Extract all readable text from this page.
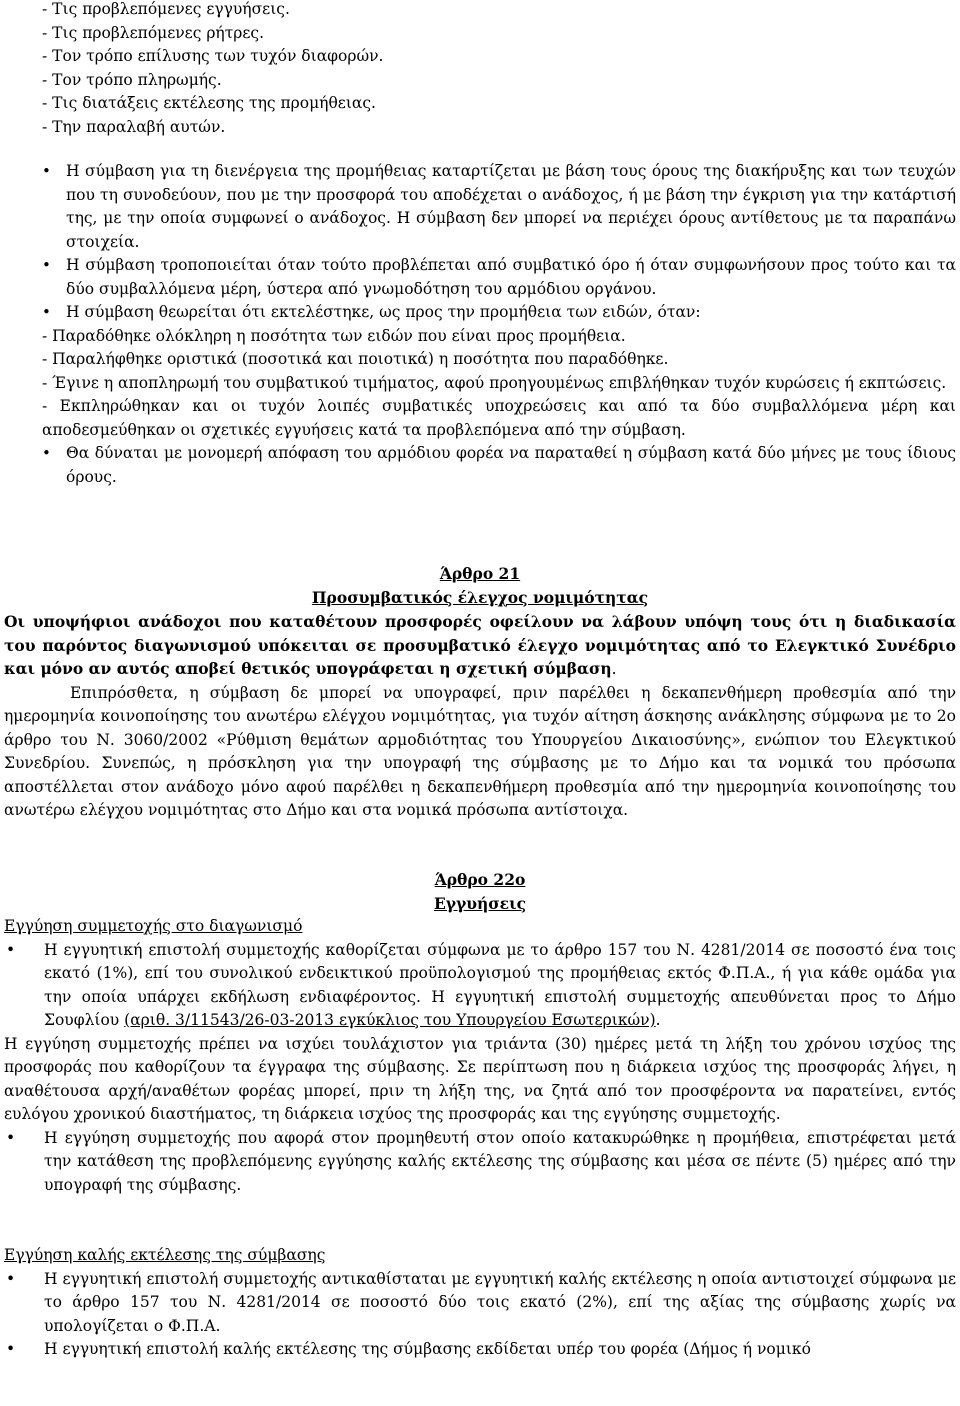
- Τις προβλεπόμενες εγγυήσεις.
- Τις προβλεπόμενες ρήτρες.
- Τον τρόπο επίλυσης των τυχόν διαφορών.
- Τον τρόπο πληρωμής.
- Τις διατάξεις εκτέλεσης της προμήθειας.
- Την παραλαβή αυτών.
• Η σύμβαση για τη διενέργεια της προμήθειας καταρτίζεται με βάση τους όρους της διακήρυξης και των τευχών που τη συνοδεύουν, που με την προσφορά του αποδέχεται ο ανάδοχος, ή με βάση την έγκριση για την κατάρτισή της, με την οποία συμφωνεί ο ανάδοχος. Η σύμβαση δεν μπορεί να περιέχει όρους αντίθετους με τα παραπάνω στοιχεία.
• Η σύμβαση τροποποιείται όταν τούτο προβλέπεται από συμβατικό όρο ή όταν συμφωνήσουν προς τούτο και τα δύο συμβαλλόμενα μέρη, ύστερα από γνωμοδότηση του αρμόδιου οργάνου.
• Η σύμβαση θεωρείται ότι εκτελέστηκε, ως προς την προμήθεια των ειδών, όταν:
- Παραδόθηκε ολόκληρη η ποσότητα των ειδών που είναι προς προμήθεια.
- Παραλήφθηκε οριστικά (ποσοτικά και ποιοτικά) η ποσότητα που παραδόθηκε.
- Έγινε η αποπληρωμή του συμβατικού τιμήματος, αφού προηγουμένως επιβλήθηκαν τυχόν κυρώσεις ή εκπτώσεις.
- Εκπληρώθηκαν και οι τυχόν λοιπές συμβατικές υποχρεώσεις και από τα δύο συμβαλλόμενα μέρη και αποδεσμεύθηκαν οι σχετικές εγγυήσεις κατά τα προβλεπόμενα από την σύμβαση.
• Θα δύναται με μονομερή απόφαση του αρμόδιου φορέα να παραταθεί η σύμβαση κατά δύο μήνες με τους ίδιους όρους.
Άρθρο 21
Προσυμβατικός έλεγχος νομιμότητας
Οι υποψήφιοι ανάδοχοι που καταθέτουν προσφορές οφείλουν να λάβουν υπόψη τους ότι η διαδικασία του παρόντος διαγωνισμού υπόκειται σε προσυμβατικό έλεγχο νομιμότητας από το Ελεγκτικό Συνέδριο και μόνο αν αυτός αποβεί θετικός υπογράφεται η σχετική σύμβαση.
Επιπρόσθετα, η σύμβαση δε μπορεί να υπογραφεί, πριν παρέλθει η δεκαπενθήμερη προθεσμία από την ημερομηνία κοινοποίησης του ανωτέρω ελέγχου νομιμότητας, για τυχόν αίτηση άσκησης ανάκλησης σύμφωνα με το 2ο άρθρο του Ν. 3060/2002 «Ρύθμιση θεμάτων αρμοδιότητας του Υπουργείου Δικαιοσύνης», ενώπιον του Ελεγκτικού Συνεδρίου. Συνεπώς, η πρόσκληση για την υπογραφή της σύμβασης με το Δήμο και τα νομικά του πρόσωπα αποστέλλεται στον ανάδοχο μόνο αφού παρέλθει η δεκαπενθήμερη προθεσμία από την ημερομηνία κοινοποίησης του ανωτέρω ελέγχου νομιμότητας στο Δήμο και στα νομικά πρόσωπα αντίστοιχα.
Άρθρο 22ο
Εγγυήσεις
Εγγύηση συμμετοχής στο διαγωνισμό
• Η εγγυητική επιστολή συμμετοχής καθορίζεται σύμφωνα με το άρθρο 157 του Ν. 4281/2014 σε ποσοστό ένα τοις εκατό (1%), επί του συνολικού ενδεικτικού προϋπολογισμού της προμήθειας εκτός Φ.Π.Α., ή για κάθε ομάδα για την οποία υπάρχει εκδήλωση ενδιαφέροντος. Η εγγυητική επιστολή συμμετοχής απευθύνεται προς το Δήμο Σουφλίου (αριθ. 3/11543/26-03-2013 εγκύκλιος του Υπουργείου Εσωτερικών).
Η εγγύηση συμμετοχής πρέπει να ισχύει τουλάχιστον για τριάντα (30) ημέρες μετά τη λήξη του χρόνου ισχύος της προσφοράς που καθορίζουν τα έγγραφα της σύμβασης. Σε περίπτωση που η διάρκεια ισχύος της προσφοράς λήγει, η αναθέτουσα αρχή/αναθέτων φορέας μπορεί, πριν τη λήξη της, να ζητά από τον προσφέροντα να παρατείνει, εντός ευλόγου χρονικού διαστήματος, τη διάρκεια ισχύος της προσφοράς και της εγγύησης συμμετοχής.
• Η εγγύηση συμμετοχής που αφορά στον προμηθευτή στον οποίο κατακυρώθηκε η προμήθεια, επιστρέφεται μετά την κατάθεση της προβλεπόμενης εγγύησης καλής εκτέλεσης της σύμβασης και μέσα σε πέντε (5) ημέρες από την υπογραφή της σύμβασης.
Εγγύηση καλής εκτέλεσης της σύμβασης
• Η εγγυητική επιστολή συμμετοχής αντικαθίσταται με εγγυητική καλής εκτέλεσης η οποία αντιστοιχεί σύμφωνα με το άρθρο 157 του Ν. 4281/2014 σε ποσοστό δύο τοις εκατό (2%), επί της αξίας της σύμβασης χωρίς να υπολογίζεται ο Φ.Π.Α.
• Η εγγυητική επιστολή καλής εκτέλεσης της σύμβασης εκδίδεται υπέρ του φορέα (Δήμος ή νομικό
